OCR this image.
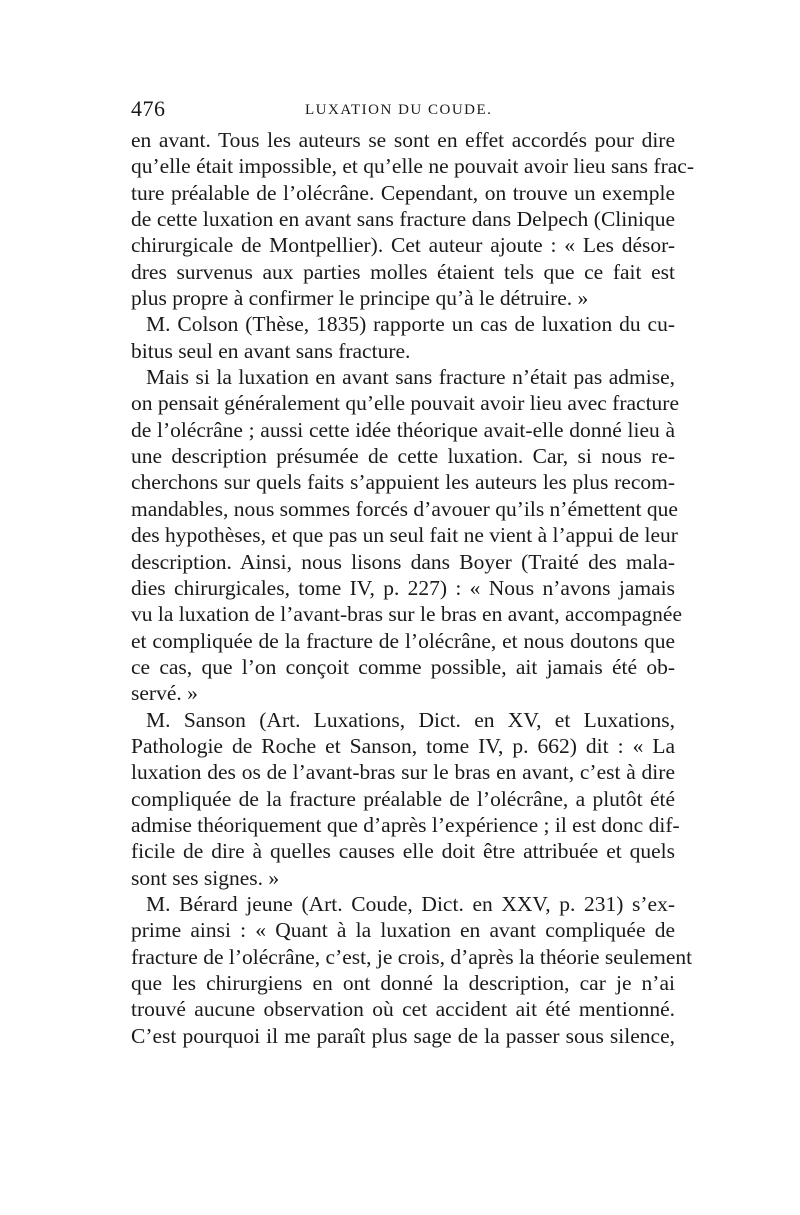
476	LUXATION DU COUDE.
en avant. Tous les auteurs se sont en effet accordés pour dire
qu’elle était impossible, et qu’elle ne pouvait avoir lieu sans frac-
ture préalable de l’olécrâne. Cependant, on trouve un exemple
de cette luxation en avant sans fracture dans Delpech (Clinique
chirurgicale de Montpellier). Cet auteur ajoute : « Les désor-
dres survenus aux parties molles étaient tels que ce fait est
plus propre à confirmer le principe qu’à le détruire. »
M. Colson (Thèse, 1835) rapporte un cas de luxation du cu-
bitus seul en avant sans fracture.
Mais si la luxation en avant sans fracture n’était pas admise,
on pensait généralement qu’elle pouvait avoir lieu avec fracture
de l’olécrâne ; aussi cette idée théorique avait-elle donné lieu à
une description présumée de cette luxation. Car, si nous re-
cherchons sur quels faits s’appuient les auteurs les plus recom-
mandables, nous sommes forcés d’avouer qu’ils n’émettent que
des hypothèses, et que pas un seul fait ne vient à l’appui de leur
description. Ainsi, nous lisons dans Boyer (Traité des mala-
dies chirurgicales, tome IV, p. 227) : « Nous n’avons jamais
vu la luxation de l’avant-bras sur le bras en avant, accompagnée
et compliquée de la fracture de l’olécrâne, et nous doutons que
ce cas, que l’on conçoit comme possible, ait jamais été ob-
servé. »
M. Sanson (Art. Luxations, Dict. en XV, et Luxations,
Pathologie de Roche et Sanson, tome IV, p. 662) dit : « La
luxation des os de l’avant-bras sur le bras en avant, c’est à dire
compliquée de la fracture préalable de l’olécrâne, a plutôt été
admise théoriquement que d’après l’expérience ; il est donc dif-
ficile de dire à quelles causes elle doit être attribuée et quels
sont ses signes. »
M. Bérard jeune (Art. Coude, Dict. en XXV, p. 231) s’ex-
prime ainsi : « Quant à la luxation en avant compliquée de
fracture de l’olécrâne, c’est, je crois, d’après la théorie seulement
que les chirurgiens en ont donné la description, car je n’ai
trouvé aucune observation où cet accident ait été mentionné.
C’est pourquoi il me paraît plus sage de la passer sous silence,
